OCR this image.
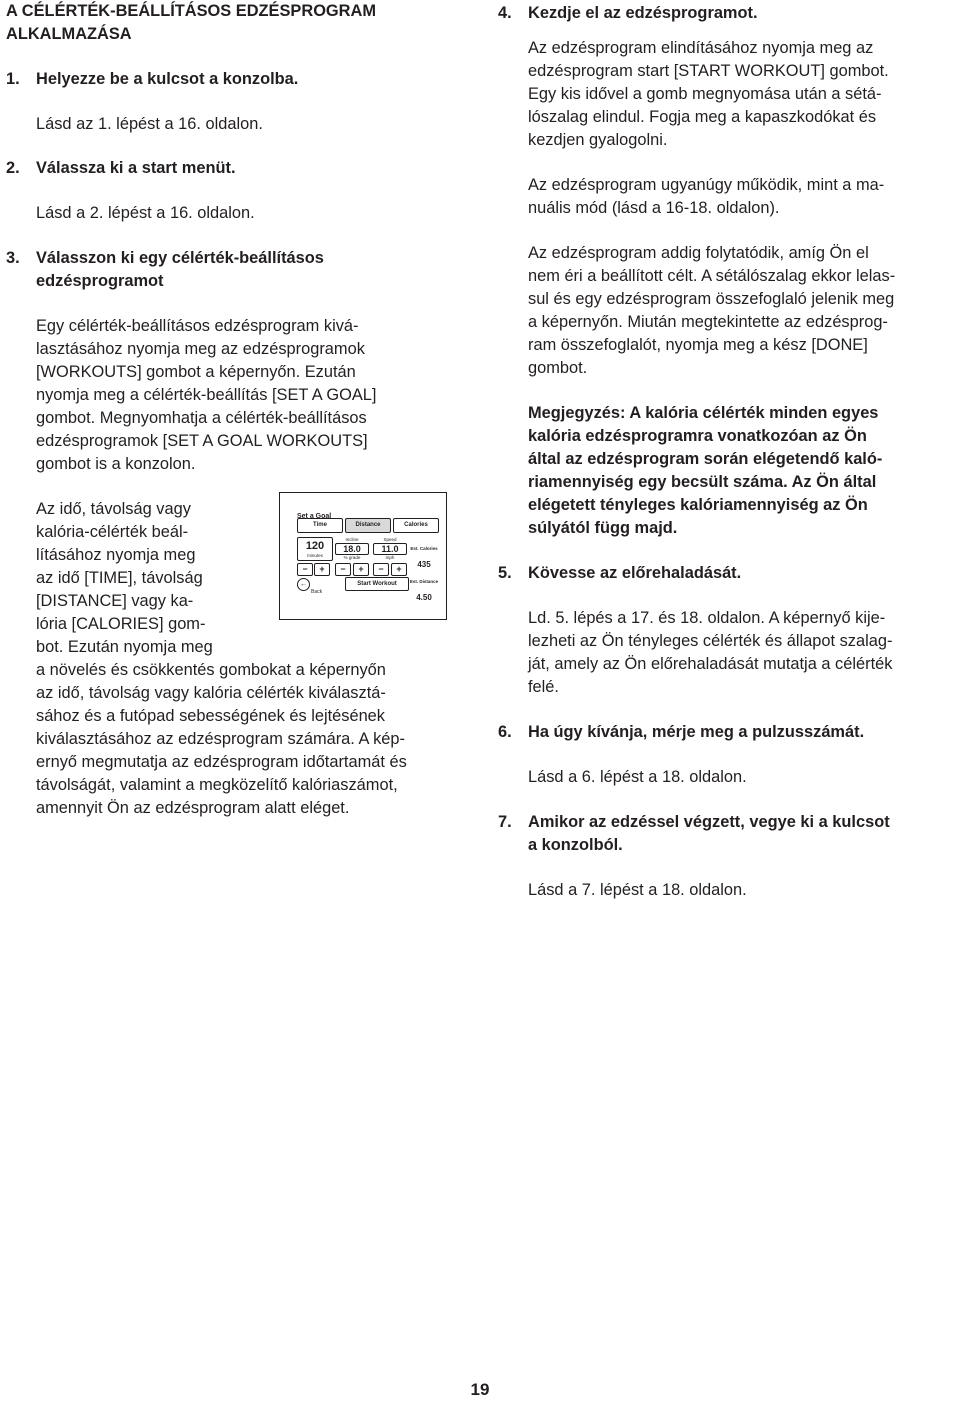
A CÉLÉRTÉK-BEÁLLÍTÁSOS EDZÉSPROGRAM

ALKALMAZÁSA

1. Helyezze be a kulcsot a konzolba.

Lásd az 1. lépést a 16. oldalon.

2. Válassza ki a start menüt.

Lásd a 2. lépést a 16. oldalon.

3. Válasszon ki egy célérték-beállításos

edzésprogramot

Egy célérték-beállításos edzésprogram kivá-

lasztásához nyomja meg az edzésprogramok

[WORKOUTS] gombot a képernyőn. Ezután

nyomja meg a célérték-beállítás [SET A GOAL]

gombot. Megnyomhatja a célérték-beállításos

edzésprogramok [SET A GOAL WORKOUTS]

gombot is a konzolon.

Az idő, távolság vagy

kalória-célérték beál-

lításához nyomja meg

az idő [TIME], távolság

[DISTANCE] vagy ka-

lória [CALORIES] gom-

bot. Ezután nyomja meg

a növelés és csökkentés gombokat a képernyőn

az idő, távolság vagy kalória célérték kiválasztá-

sához és a futópad sebességének és lejtésének

kiválasztásához az edzésprogram számára. A kép-

ernyő megmutatja az edzésprogram időtartamát és

távolságát, valamint a megközelítő kalóriaszámot,

amennyit Ön az edzésprogram alatt eléget.

Set a Goal
Time	Distance	Calories
120
minutes
Incline
18.0
% grade
Speed
11.0
mph
Est. Calories
435
Est. Distance
4.50
−	+	−	+	−	+
←
Back
Start Workout
4. Kezdje el az edzésprogramot.

Az edzésprogram elindításához nyomja meg az

edzésprogram start [START WORKOUT] gombot.

Egy kis idővel a gomb megnyomása után a sétá-

lószalag elindul. Fogja meg a kapaszkodókat és

kezdjen gyalogolni.

Az edzésprogram ugyanúgy működik, mint a ma-

nuális mód (lásd a 16-18. oldalon).

Az edzésprogram addig folytatódik, amíg Ön el

nem éri a beállított célt. A sétálószalag ekkor lelas-

sul és egy edzésprogram összefoglaló jelenik meg

a képernyőn. Miután megtekintette az edzésprog-

ram összefoglalót, nyomja meg a kész [DONE]

gombot.

Megjegyzés: A kalória célérték minden egyes

kalória edzésprogramra vonatkozóan az Ön

által az edzésprogram során elégetendő kaló-

riamennyiség egy becsült száma. Az Ön által

elégetett tényleges kalóriamennyiség az Ön

súlyától függ majd.

5. Kövesse az előrehaladását.

Ld. 5. lépés a 17. és 18. oldalon. A képernyő kije-

lezheti az Ön tényleges célérték és állapot szalag-

ját, amely az Ön előrehaladását mutatja a célérték

felé.

6. Ha úgy kívánja, mérje meg a pulzusszámát.

Lásd a 6. lépést a 18. oldalon.

7. Amikor az edzéssel végzett, vegye ki a kulcsot

a konzolból.

Lásd a 7. lépést a 18. oldalon.

19
